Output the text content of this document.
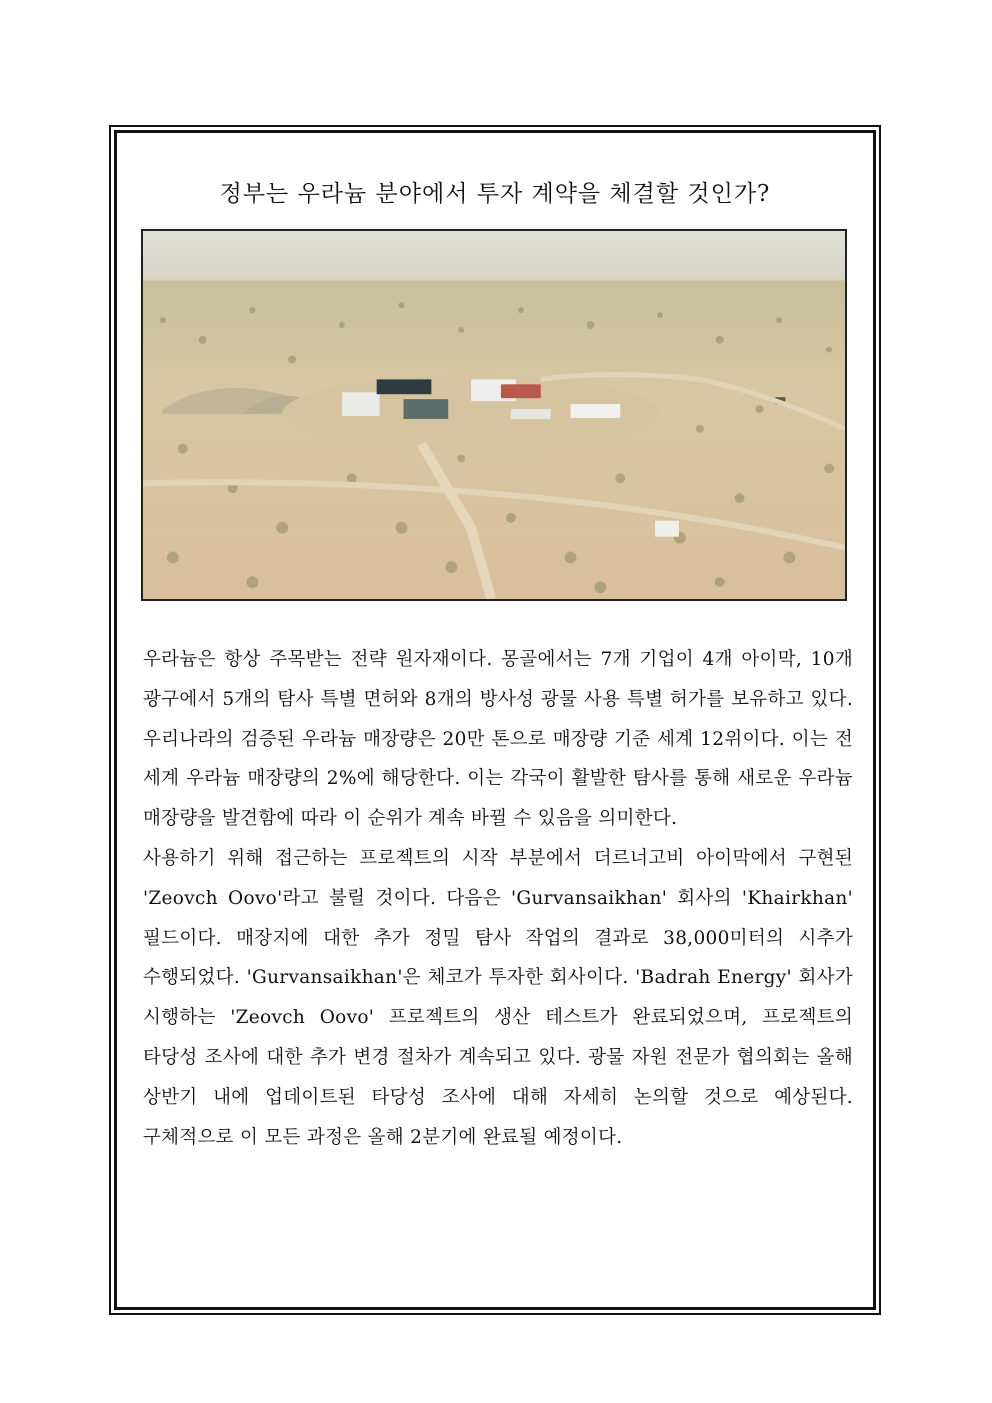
정부는 우라늄 분야에서 투자 계약을 체결할 것인가?

우라늄은 항상 주목받는 전략 원자재이다. 몽골에서는 7개 기업이 4개 아이막, 10개 광구에서 5개의 탐사 특별 면허와 8개의 방사성 광물 사용 특별 허가를 보유하고 있다. 우리나라의 검증된 우라늄 매장량은 20만 톤으로 매장량 기준 세계 12위이다. 이는 전 세계 우라늄 매장량의 2%에 해당한다. 이는 각국이 활발한 탐사를 통해 새로운 우라늄 매장량을 발견함에 따라 이 순위가 계속 바뀔 수 있음을 의미한다.

사용하기 위해 접근하는 프로젝트의 시작 부분에서 더르너고비 아이막에서 구현된 'Zeovch Oovo'라고 불릴 것이다. 다음은 'Gurvansaikhan' 회사의 'Khairkhan' 필드이다. 매장지에 대한 추가 정밀 탐사 작업의 결과로 38,000미터의 시추가 수행되었다. 'Gurvansaikhan'은 체코가 투자한 회사이다. 'Badrah Energy' 회사가 시행하는 'Zeovch Oovo' 프로젝트의 생산 테스트가 완료되었으며, 프로젝트의 타당성 조사에 대한 추가 변경 절차가 계속되고 있다. 광물 자원 전문가 협의회는 올해 상반기 내에 업데이트된 타당성 조사에 대해 자세히 논의할 것으로 예상된다. 구체적으로 이 모든 과정은 올해 2분기에 완료될 예정이다.
